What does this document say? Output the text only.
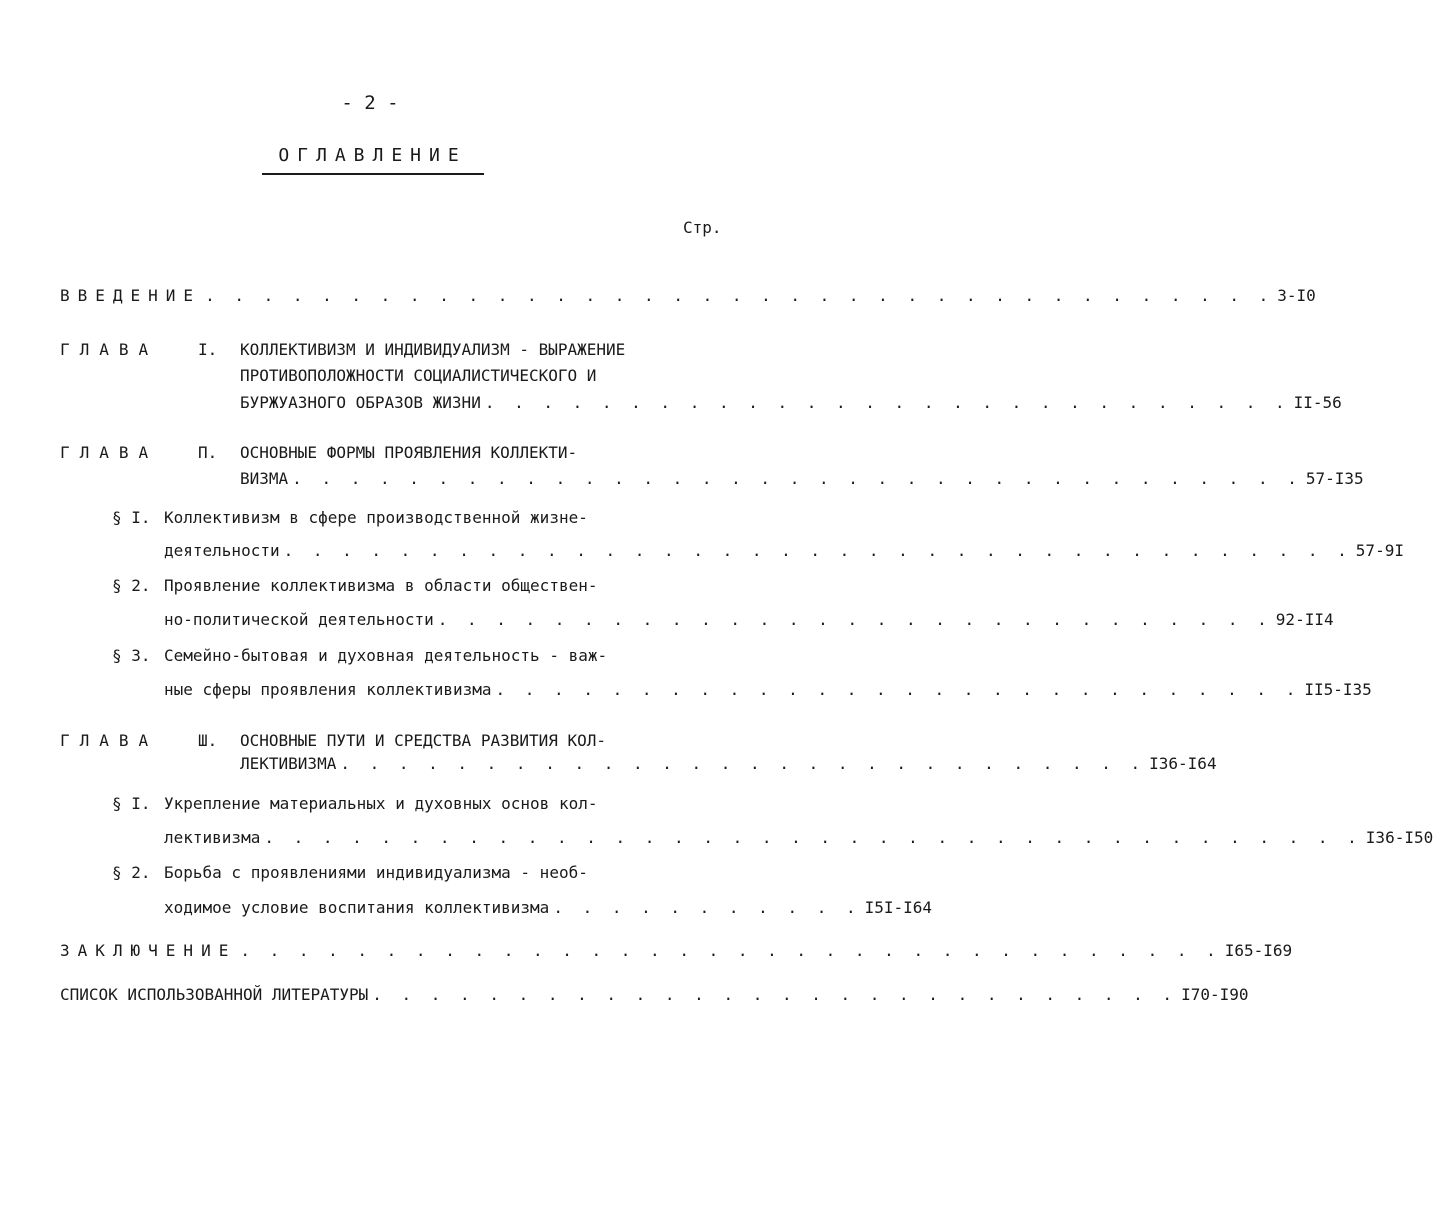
- 2 -
ОГЛАВЛЕНИЕ
Стр.
ВВЕДЕНИЕ . . . . . . . . . . . . . . . . . . . . . . . . . . . . . . . . . . . . . 3-I0
ГЛАВА I. КОЛЛЕКТИВИЗМ И ИНДИВИДУАЛИЗМ - ВЫРАЖЕНИЕ
ПРОТИВОПОЛОЖНОСТИ СОЦИАЛИСТИЧЕСКОГО И
БУРЖУАЗНОГО ОБРАЗОВ ЖИЗНИ . . . . . . . . . . . . . . . . . . . . . . . . . . . . II-56
ГЛАВА П. ОСНОВНЫЕ ФОРМЫ ПРОЯВЛЕНИЯ КОЛЛЕКТИ-
ВИЗМА . . . . . . . . . . . . . . . . . . . . . . . . . . . . . . . . . . . 57-I35
§ I. Коллективизм в сфере производственной жизне-
деятельности . . . . . . . . . . . . . . . . . . . . . . . . . . . . . . . . . . . . . 57-9I
§ 2. Проявление коллективизма в области обществен-
но-политической деятельности . . . . . . . . . . . . . . . . . . . . . . . . . . . . . 92-II4
§ 3. Семейно-бытовая и духовная деятельность - важ-
ные сферы проявления коллективизма . . . . . . . . . . . . . . . . . . . . . . . . . . . . II5-I35
ГЛАВА Ш. ОСНОВНЫЕ ПУТИ И СРЕДСТВА РАЗВИТИЯ КОЛ-
ЛЕКТИВИЗМА . . . . . . . . . . . . . . . . . . . . . . . . . . . . I36-I64
§ I. Укрепление материальных и духовных основ кол-
лективизма . . . . . . . . . . . . . . . . . . . . . . . . . . . . . . . . . . . . . . I36-I50
§ 2. Борьба с проявлениями индивидуализма - необ-
ходимое условие воспитания коллективизма . . . . . . . . . . . I5I-I64
ЗАКЛЮЧЕНИЕ . . . . . . . . . . . . . . . . . . . . . . . . . . . . . . . . . . I65-I69
СПИСОК ИСПОЛЬЗОВАННОЙ ЛИТЕРАТУРЫ . . . . . . . . . . . . . . . . . . . . . . . . . . . . I70-I90
